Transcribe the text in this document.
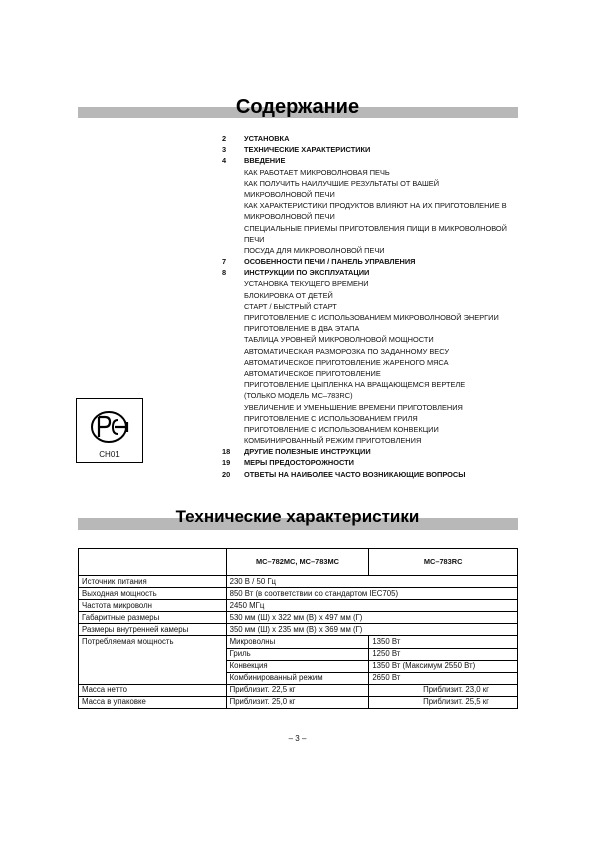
Содержание
2	УСТАНОВКА
3	ТЕХНИЧЕСКИЕ ХАРАКТЕРИСТИКИ
4	ВВЕДЕНИЕ
КАК РАБОТАЕТ МИКРОВОЛНОВАЯ ПЕЧЬ
КАК ПОЛУЧИТЬ НАИЛУЧШИЕ РЕЗУЛЬТАТЫ ОТ ВАШЕЙ
МИКРОВОЛНОВОЙ ПЕЧИ
КАК ХАРАКТЕРИСТИКИ ПРОДУКТОВ ВЛИЯЮТ НА ИХ ПРИГОТОВЛЕНИЕ В
МИКРОВОЛНОВОЙ ПЕЧИ
СПЕЦИАЛЬНЫЕ ПРИЕМЫ ПРИГОТОВЛЕНИЯ ПИЩИ В МИКРОВОЛНОВОЙ
ПЕЧИ
ПОСУДА ДЛЯ МИКРОВОЛНОВОЙ ПЕЧИ
7	ОСОБЕННОСТИ ПЕЧИ / ПАНЕЛЬ УПРАВЛЕНИЯ
8	ИНСТРУКЦИИ ПО ЭКСПЛУАТАЦИИ
УСТАНОВКА ТЕКУЩЕГО ВРЕМЕНИ
БЛОКИРОВКА ОТ ДЕТЕЙ
СТАРТ / БЫСТРЫЙ СТАРТ
ПРИГОТОВЛЕНИЕ С ИСПОЛЬЗОВАНИЕМ МИКРОВОЛНОВОЙ ЭНЕРГИИ
ПРИГОТОВЛЕНИЕ В ДВА ЭТАПА
ТАБЛИЦА УРОВНЕЙ МИКРОВОЛНОВОЙ МОЩНОСТИ
АВТОМАТИЧЕСКАЯ РАЗМОРОЗКА ПО ЗАДАННОМУ ВЕСУ
АВТОМАТИЧЕСКОЕ ПРИГОТОВЛЕНИЕ ЖАРЕНОГО МЯСА
АВТОМАТИЧЕСКОЕ ПРИГОТОВЛЕНИЕ
ПРИГОТОВЛЕНИЕ ЦЫПЛЕНКА НА ВРАЩАЮЩЕМСЯ ВЕРТЕЛЕ
(ТОЛЬКО МОДЕЛЬ MC–783RC)
УВЕЛИЧЕНИЕ И УМЕНЬШЕНИЕ ВРЕМЕНИ ПРИГОТОВЛЕНИЯ
ПРИГОТОВЛЕНИЕ С ИСПОЛЬЗОВАНИЕМ ГРИЛЯ
ПРИГОТОВЛЕНИЕ С ИСПОЛЬЗОВАНИЕМ КОНВЕКЦИИ
КОМБИНИРОВАННЫЙ РЕЖИМ ПРИГОТОВЛЕНИЯ
18	ДРУГИЕ ПОЛЕЗНЫЕ ИНСТРУКЦИИ
19	МЕРЫ ПРЕДОСТОРОЖНОСТИ
20	ОТВЕТЫ НА НАИБОЛЕЕ ЧАСТО ВОЗНИКАЮЩИЕ ВОПРОСЫ
CH01
Технические характеристики
	MC–782MC, MC–783MC	MC–783RC
Источник питания	230 В / 50 Гц	
Выходная мощность	850 Вт (в соответствии со стандартом IEC705)	
Частота микроволн	2450 МГц	
Габаритные размеры	530 мм (Ш) x 322 мм (В) x 497 мм (Г)	
Размеры внутренней камеры	350 мм (Ш) x 235 мм (В) x 369 мм (Г)	
Потребляемая мощность	Микроволны	1350 Вт
	Гриль	1250 Вт
	Конвекция	1350 Вт (Максимум 2550 Вт)
	Комбинированный режим	2650 Вт
Масса нетто	Приблизит. 22,5 кг	Приблизит. 23,0 кг
Масса в упаковке	Приблизит. 25,0 кг	Приблизит. 25,5 кг
– 3 –
